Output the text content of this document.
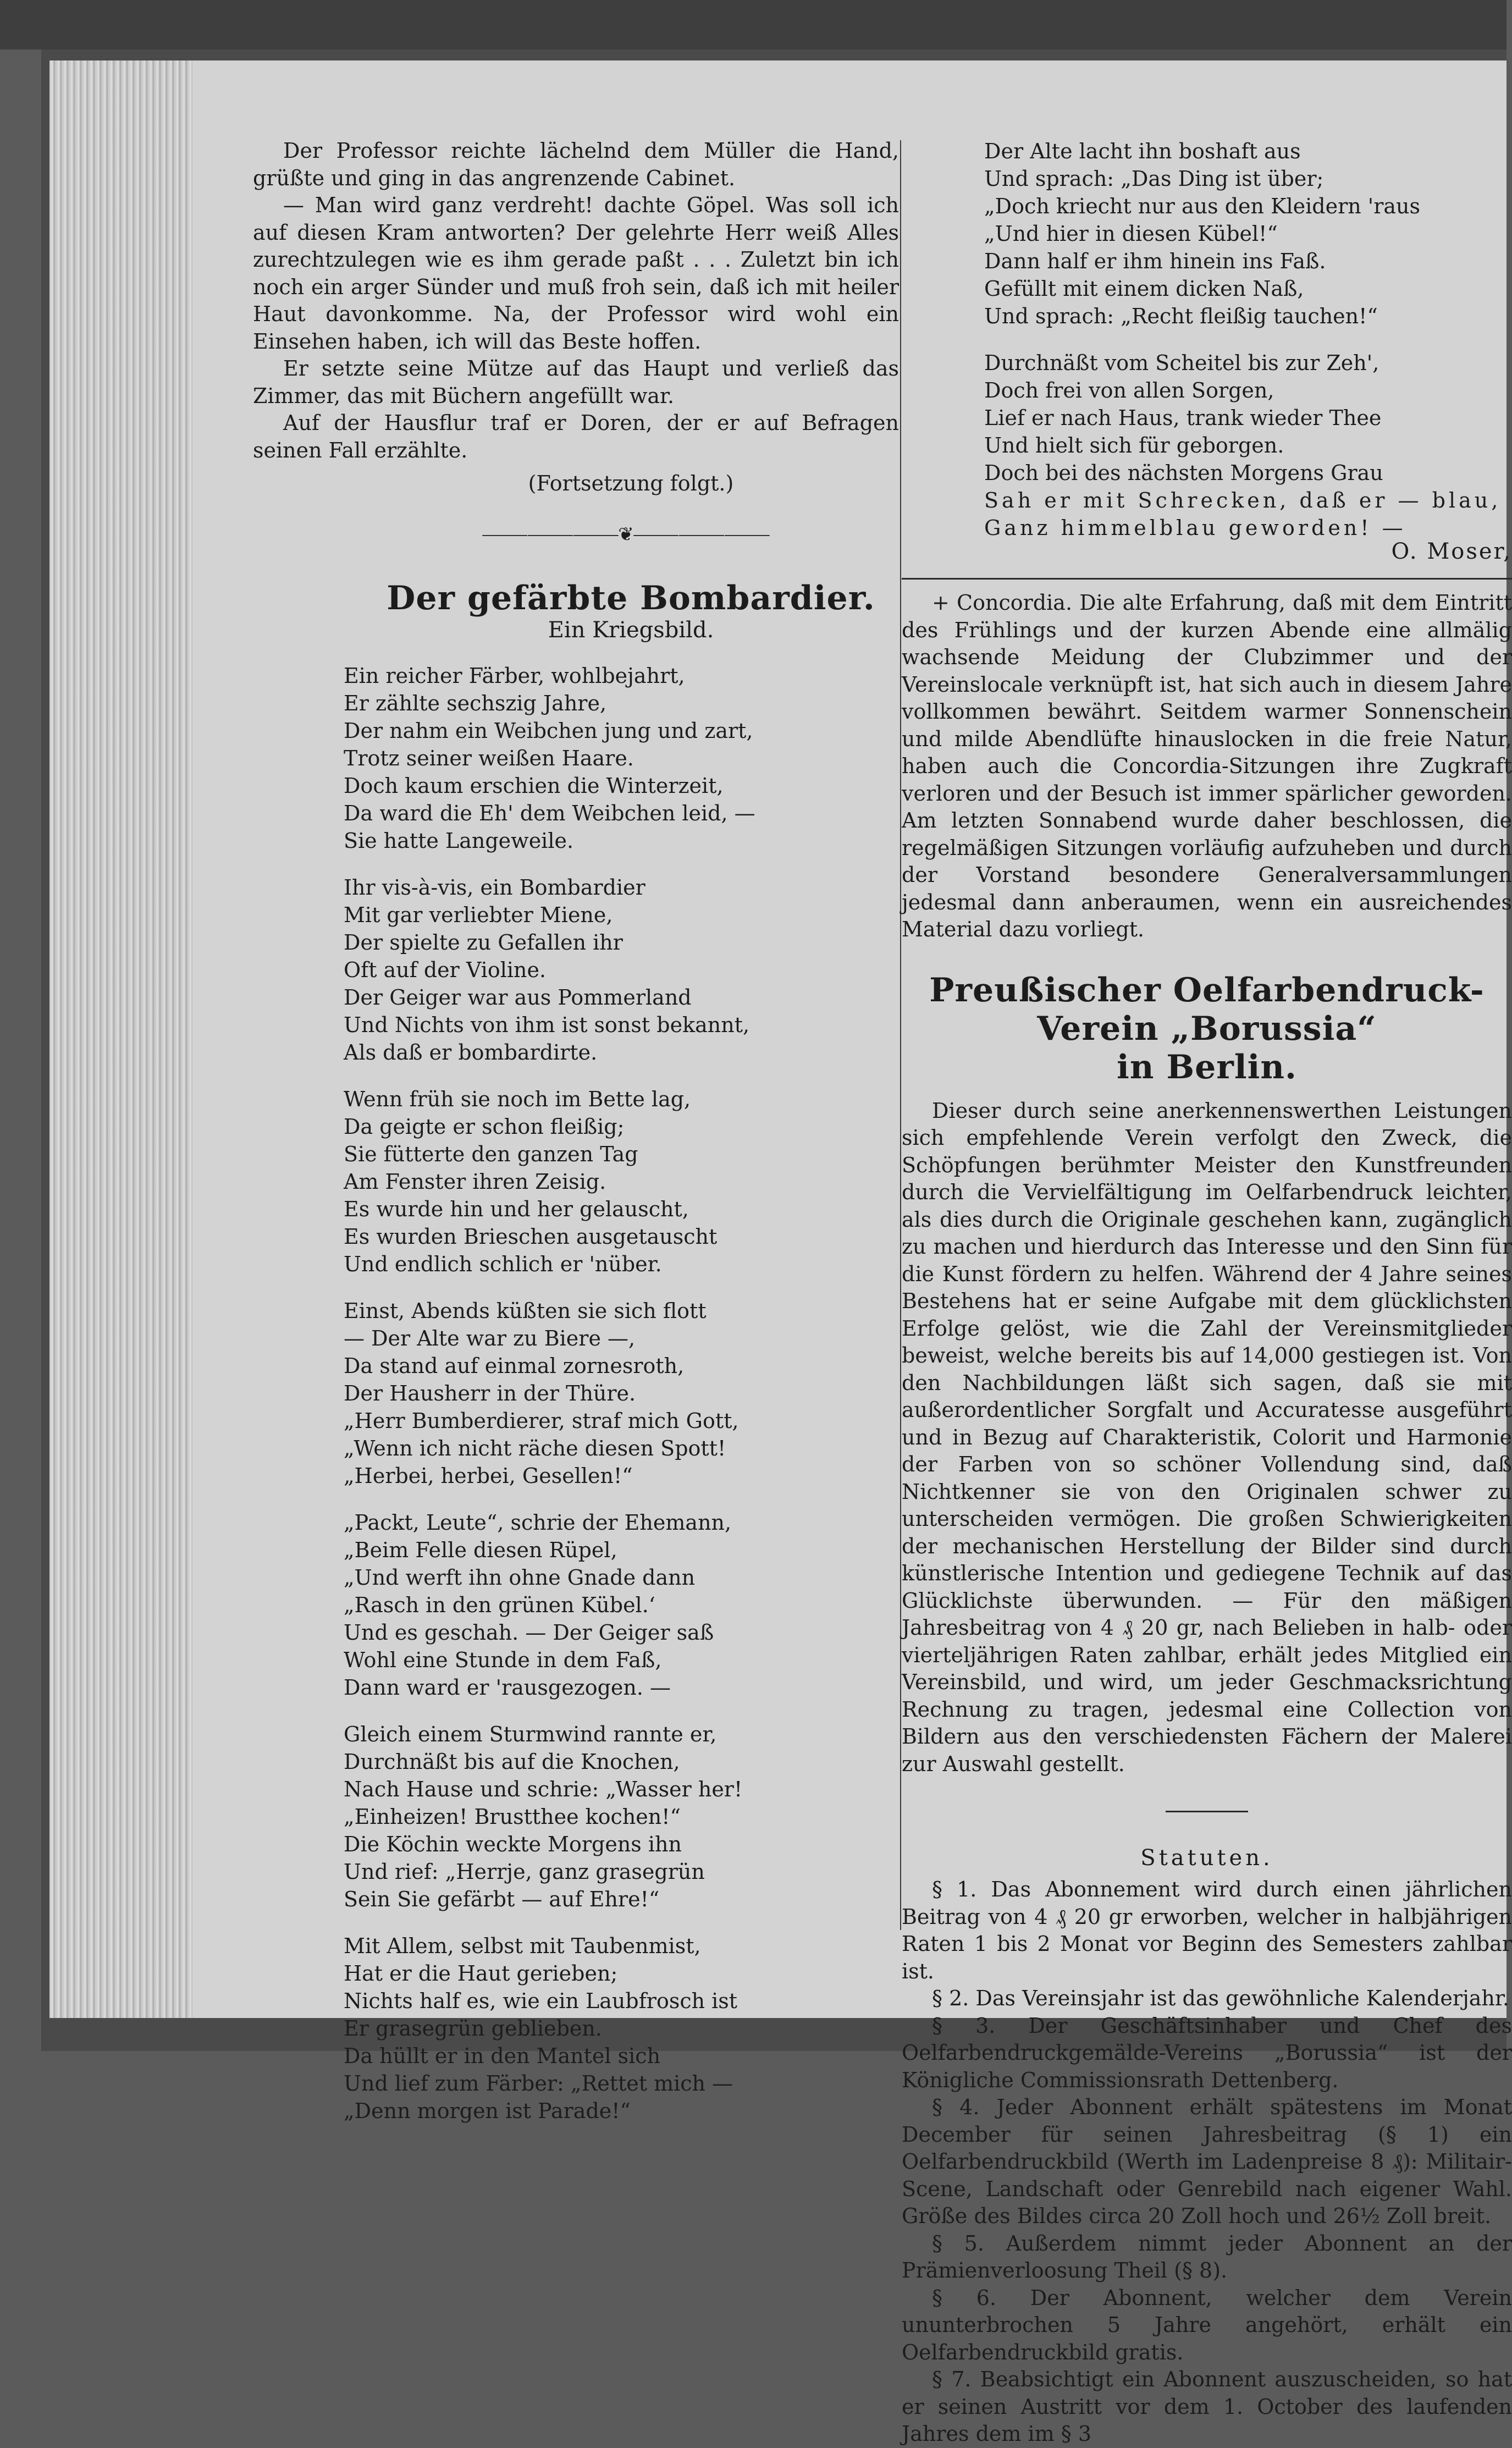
Der Professor reichte lächelnd dem Müller die Hand, grüßte und ging in das angrenzende Cabinet.
— Man wird ganz verdreht! dachte Göpel. Was soll ich auf diesen Kram antworten? Der gelehrte Herr weiß Alles zurechtzulegen wie es ihm gerade paßt . . . Zuletzt bin ich noch ein arger Sünder und muß froh sein, daß ich mit heiler Haut davonkomme. Na, der Professor wird wohl ein Einsehen haben, ich will das Beste hoffen.
Er setzte seine Mütze auf das Haupt und verließ das Zimmer, das mit Büchern angefüllt war.
Auf der Hausflur traf er Doren, der er auf Befragen seinen Fall erzählte.
(Fortsetzung folgt.)
⸻⸻⸻❦⸻⸻⸻
Der gefärbte Bombardier.
Ein Kriegsbild.
Ein reicher Färber, wohlbejahrt,
Er zählte sechszig Jahre,
Der nahm ein Weibchen jung und zart,
Trotz seiner weißen Haare.
Doch kaum erschien die Winterzeit,
Da ward die Eh' dem Weibchen leid, —
Sie hatte Langeweile.
Ihr vis-à-vis, ein Bombardier
Mit gar verliebter Miene,
Der spielte zu Gefallen ihr
Oft auf der Violine.
Der Geiger war aus Pommerland
Und Nichts von ihm ist sonst bekannt,
Als daß er bombardirte.
Wenn früh sie noch im Bette lag,
Da geigte er schon fleißig;
Sie fütterte den ganzen Tag
Am Fenster ihren Zeisig.
Es wurde hin und her gelauscht,
Es wurden Brieschen ausgetauscht
Und endlich schlich er 'nüber.
Einst, Abends küßten sie sich flott
— Der Alte war zu Biere —,
Da stand auf einmal zornesroth,
Der Hausherr in der Thüre.
„Herr Bumberdierer, straf mich Gott,
„Wenn ich nicht räche diesen Spott!
„Herbei, herbei, Gesellen!“
„Packt, Leute“, schrie der Ehemann,
„Beim Felle diesen Rüpel,
„Und werft ihn ohne Gnade dann
„Rasch in den grünen Kübel.‘
Und es geschah. — Der Geiger saß
Wohl eine Stunde in dem Faß,
Dann ward er 'rausgezogen. —
Gleich einem Sturmwind rannte er,
Durchnäßt bis auf die Knochen,
Nach Hause und schrie: „Wasser her!
„Einheizen! Brustthee kochen!“
Die Köchin weckte Morgens ihn
Und rief: „Herrje, ganz grasegrün
Sein Sie gefärbt — auf Ehre!“
Mit Allem, selbst mit Taubenmist,
Hat er die Haut gerieben;
Nichts half es, wie ein Laubfrosch ist
Er grasegrün geblieben.
Da hüllt er in den Mantel sich
Und lief zum Färber: „Rettet mich —
„Denn morgen ist Parade!“
Der Alte lacht ihn boshaft aus
Und sprach: „Das Ding ist über;
„Doch kriecht nur aus den Kleidern 'raus
„Und hier in diesen Kübel!“
Dann half er ihm hinein ins Faß.
Gefüllt mit einem dicken Naß,
Und sprach: „Recht fleißig tauchen!“
Durchnäßt vom Scheitel bis zur Zeh',
Doch frei von allen Sorgen,
Lief er nach Haus, trank wieder Thee
Und hielt sich für geborgen.
Doch bei des nächsten Morgens Grau
Sah er mit Schrecken, daß er — blau,
Ganz himmelblau geworden! —
O. Moser,
+ Concordia. Die alte Erfahrung, daß mit dem Eintritt des Frühlings und der kurzen Abende eine allmälig wachsende Meidung der Clubzimmer und der Vereinslocale verknüpft ist, hat sich auch in diesem Jahre vollkommen bewährt. Seitdem warmer Sonnenschein und milde Abendlüfte hinauslocken in die freie Natur, haben auch die Concordia-Sitzungen ihre Zugkraft verloren und der Besuch ist immer spärlicher geworden. Am letzten Sonnabend wurde daher beschlossen, die regelmäßigen Sitzungen vorläufig aufzuheben und durch der Vorstand besondere Generalversammlungen jedesmal dann anberaumen, wenn ein ausreichendes Material dazu vorliegt.
Preußischer Oelfarbendruck-Verein „Borussia“
in Berlin.
Dieser durch seine anerkennenswerthen Leistungen sich empfehlende Verein verfolgt den Zweck, die Schöpfungen berühmter Meister den Kunstfreunden durch die Vervielfältigung im Oelfarbendruck leichter, als dies durch die Originale geschehen kann, zugänglich zu machen und hierdurch das Interesse und den Sinn für die Kunst fördern zu helfen. Während der 4 Jahre seines Bestehens hat er seine Aufgabe mit dem glücklichsten Erfolge gelöst, wie die Zahl der Vereinsmitglieder beweist, welche bereits bis auf 14,000 gestiegen ist. Von den Nachbildungen läßt sich sagen, daß sie mit außerordentlicher Sorgfalt und Accuratesse ausgeführt und in Bezug auf Charakteristik, Colorit und Harmonie der Farben von so schöner Vollendung sind, daß Nichtkenner sie von den Originalen schwer zu unterscheiden vermögen. Die großen Schwierigkeiten der mechanischen Herstellung der Bilder sind durch künstlerische Intention und gediegene Technik auf das Glücklichste überwunden. — Für den mäßigen Jahresbeitrag von 4 ₰ 20 gr, nach Belieben in halb- oder vierteljährigen Raten zahlbar, erhält jedes Mitglied ein Vereinsbild, und wird, um jeder Geschmacksrichtung Rechnung zu tragen, jedesmal eine Collection von Bildern aus den verschiedensten Fächern der Malerei zur Auswahl gestellt.
Statuten.
§ 1. Das Abonnement wird durch einen jährlichen Beitrag von 4 ₰ 20 gr erworben, welcher in halbjährigen Raten 1 bis 2 Monat vor Beginn des Semesters zahlbar ist.
§ 2. Das Vereinsjahr ist das gewöhnliche Kalenderjahr.
§ 3. Der Geschäftsinhaber und Chef des Oelfarbendruckgemälde-Vereins „Borussia“ ist der Königliche Commissionsrath Dettenberg.
§ 4. Jeder Abonnent erhält spätestens im Monat December für seinen Jahresbeitrag (§ 1) ein Oelfarbendruckbild (Werth im Ladenpreise 8 ₰): Militair-Scene, Landschaft oder Genrebild nach eigener Wahl. Größe des Bildes circa 20 Zoll hoch und 26½ Zoll breit.
§ 5. Außerdem nimmt jeder Abonnent an der Prämienverloosung Theil (§ 8).
§ 6. Der Abonnent, welcher dem Verein ununterbrochen 5 Jahre angehört, erhält ein Oelfarbendruckbild gratis.
§ 7. Beabsichtigt ein Abonnent auszuscheiden, so hat er seinen Austritt vor dem 1. October des laufenden Jahres dem im § 3
